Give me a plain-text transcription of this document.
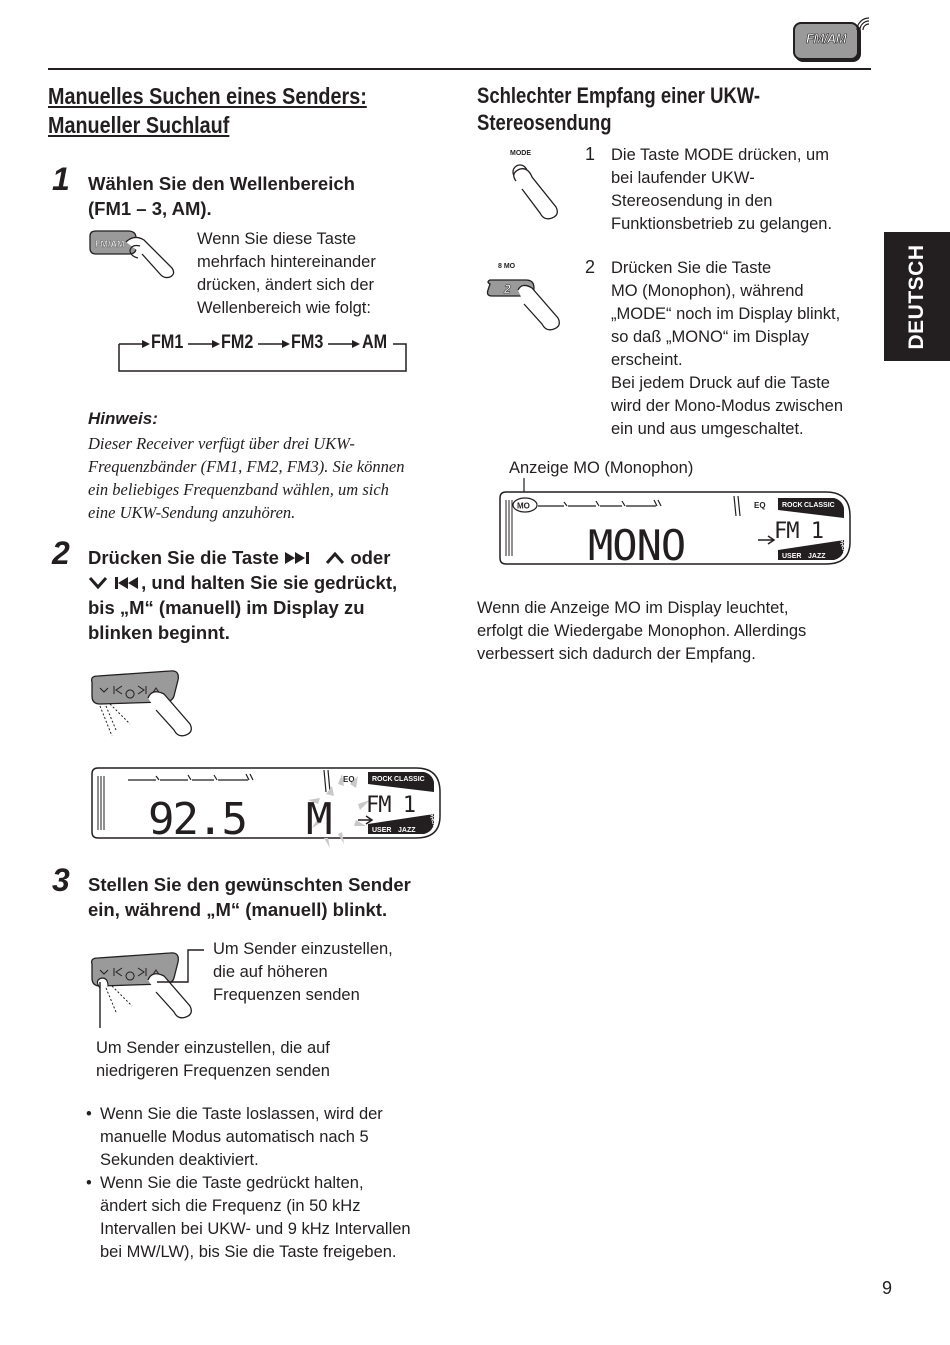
FM/AM
DEUTSCH
Manuelles Suchen eines Senders:
Manueller Suchlauf
1 Wählen Sie den Wellenbereich
(FM1 – 3, AM).
FM/AM	Wenn Sie diese Taste
mehrfach hintereinander
drücken, ändert sich der
Wellenbereich wie folgt:
FM1 FM2 FM3 AM
Hinweis:
Dieser Receiver verfügt über drei UKW-
Frequenzbänder (FM1, FM2, FM3). Sie können
ein beliebiges Frequenzband wählen, um sich
eine UKW-Sendung anzuhören.
2 Drücken Sie die Taste	oder
, und halten Sie sie gedrückt,
bis „M“ (manuell) im Display zu
blinken beginnt.
EQ ROCK CLASSIC
POPS
USER JAZZ
HIPHOP
92.5 M FM 1
3 Stellen Sie den gewünschten Sender
ein, während „M“ (manuell) blinkt.
Um Sender einzustellen,
die auf höheren
Frequenzen senden
Um Sender einzustellen, die auf
niedrigeren Frequenzen senden
• Wenn Sie die Taste loslassen, wird der
manuelle Modus automatisch nach 5
Sekunden deaktiviert.
• Wenn Sie die Taste gedrückt halten,
ändert sich die Frequenz (in 50 kHz
Intervallen bei UKW- und 9 kHz Intervallen
bei MW/LW), bis Sie die Taste freigeben.
Schlechter Empfang einer UKW-
Stereosendung
MODE	1 Die Taste MODE drücken, um
bei laufender UKW-
Stereosendung in den
Funktionsbetrieb zu gelangen.
8 MO
2
2 Drücken Sie die Taste
MO (Monophon), während
„MODE“ noch im Display blinkt,
so daß „MONO“ im Display
erscheint.
Bei jedem Druck auf die Taste
wird der Mono-Modus zwischen
ein und aus umgeschaltet.
Anzeige MO (Monophon)
MO	EQ ROCK CLASSIC
POPS
USER JAZZ
HIPHOP
MONO	FM 1
Wenn die Anzeige MO im Display leuchtet,
erfolgt die Wiedergabe Monophon. Allerdings
verbessert sich dadurch der Empfang.
9
